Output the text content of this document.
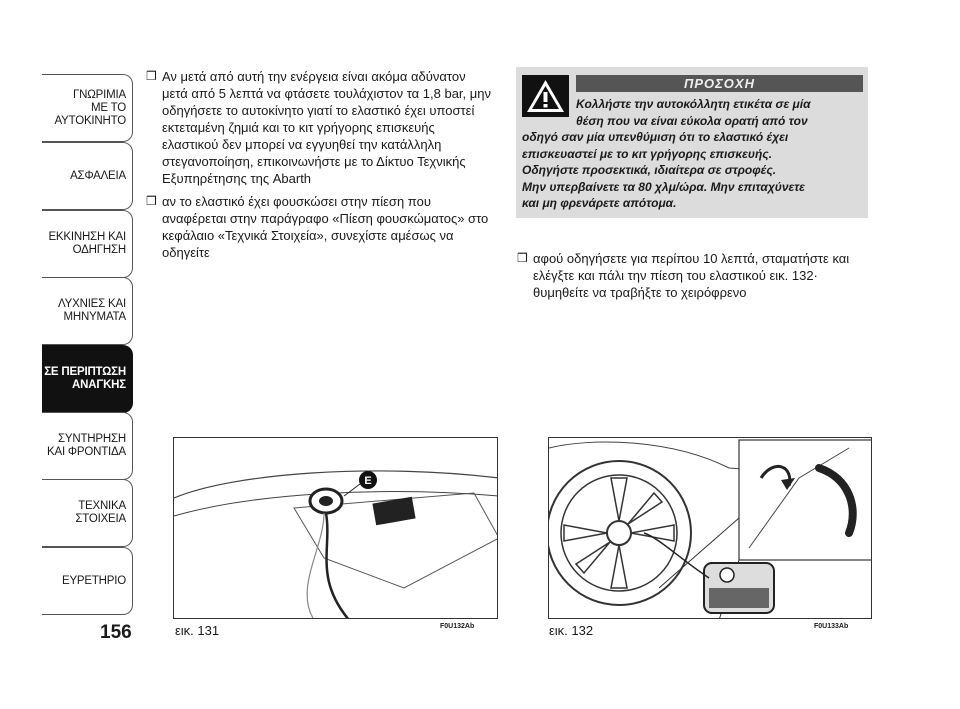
ΓΝΩΡΙΜΙΑ
ΜΕ ΤΟ
ΑΥΤΟΚΙΝΗΤΟ
ΑΣΦΑΛΕΙΑ
ΕΚΚΙΝΗΣΗ ΚΑΙ
ΟΔΗΓΗΣΗ
ΛΥΧΝΙΕΣ ΚΑΙ
ΜΗΝΥΜΑΤΑ
ΣΕ ΠΕΡΙΠΤΩΣΗ
ΑΝΑΓΚΗΣ
ΣΥΝΤΗΡΗΣΗ
ΚΑΙ ΦΡΟΝΤΙΔΑ
ΤΕΧΝΙΚΑ
ΣΤΟΙΧΕΙΑ
ΕΥΡΕΤΗΡΙΟ
156
❒ Αν μετά από αυτή την ενέργεια είναι ακόμα αδύνατον
μετά από 5 λεπτά να φτάσετε τουλάχιστον τα 1,8 bar, μην
οδηγήσετε το αυτοκίνητο γιατί το ελαστικό έχει υποστεί
εκτεταμένη ζημιά και το κιτ γρήγορης επισκευής
ελαστικού δεν μπορεί να εγγυηθεί την κατάλληλη
στεγανοποίηση, επικοινωνήστε με το Δίκτυο Τεχνικής
Εξυπηρέτησης της Abarth
❒ αν το ελαστικό έχει φουσκώσει στην πίεση που
αναφέρεται στην παράγραφο «Πίεση φουσκώματος» στο
κεφάλαιο «Τεχνικά Στοιχεία», συνεχίστε αμέσως να
οδηγείτε
ΠΡΟΣΟΧΗ
Κολλήστε την αυτοκόλλητη ετικέτα σε μία
θέση που να είναι εύκολα ορατή από τον
οδηγό σαν μία υπενθύμιση ότι το ελαστικό έχει
επισκευαστεί με το κιτ γρήγορης επισκευής.
Οδηγήστε προσεκτικά, ιδιαίτερα σε στροφές.
Μην υπερβαίνετε τα 80 χλμ/ώρα. Μην επιταχύνετε
και μη φρενάρετε απότομα.
❒ αφού οδηγήσετε για περίπου 10 λεπτά, σταματήστε και
ελέγξτε και πάλι την πίεση του ελαστικού εικ. 132·
θυμηθείτε να τραβήξτε το χειρόφρενο
E
εικ. 131	F0U132Ab	εικ. 132	F0U133Ab
